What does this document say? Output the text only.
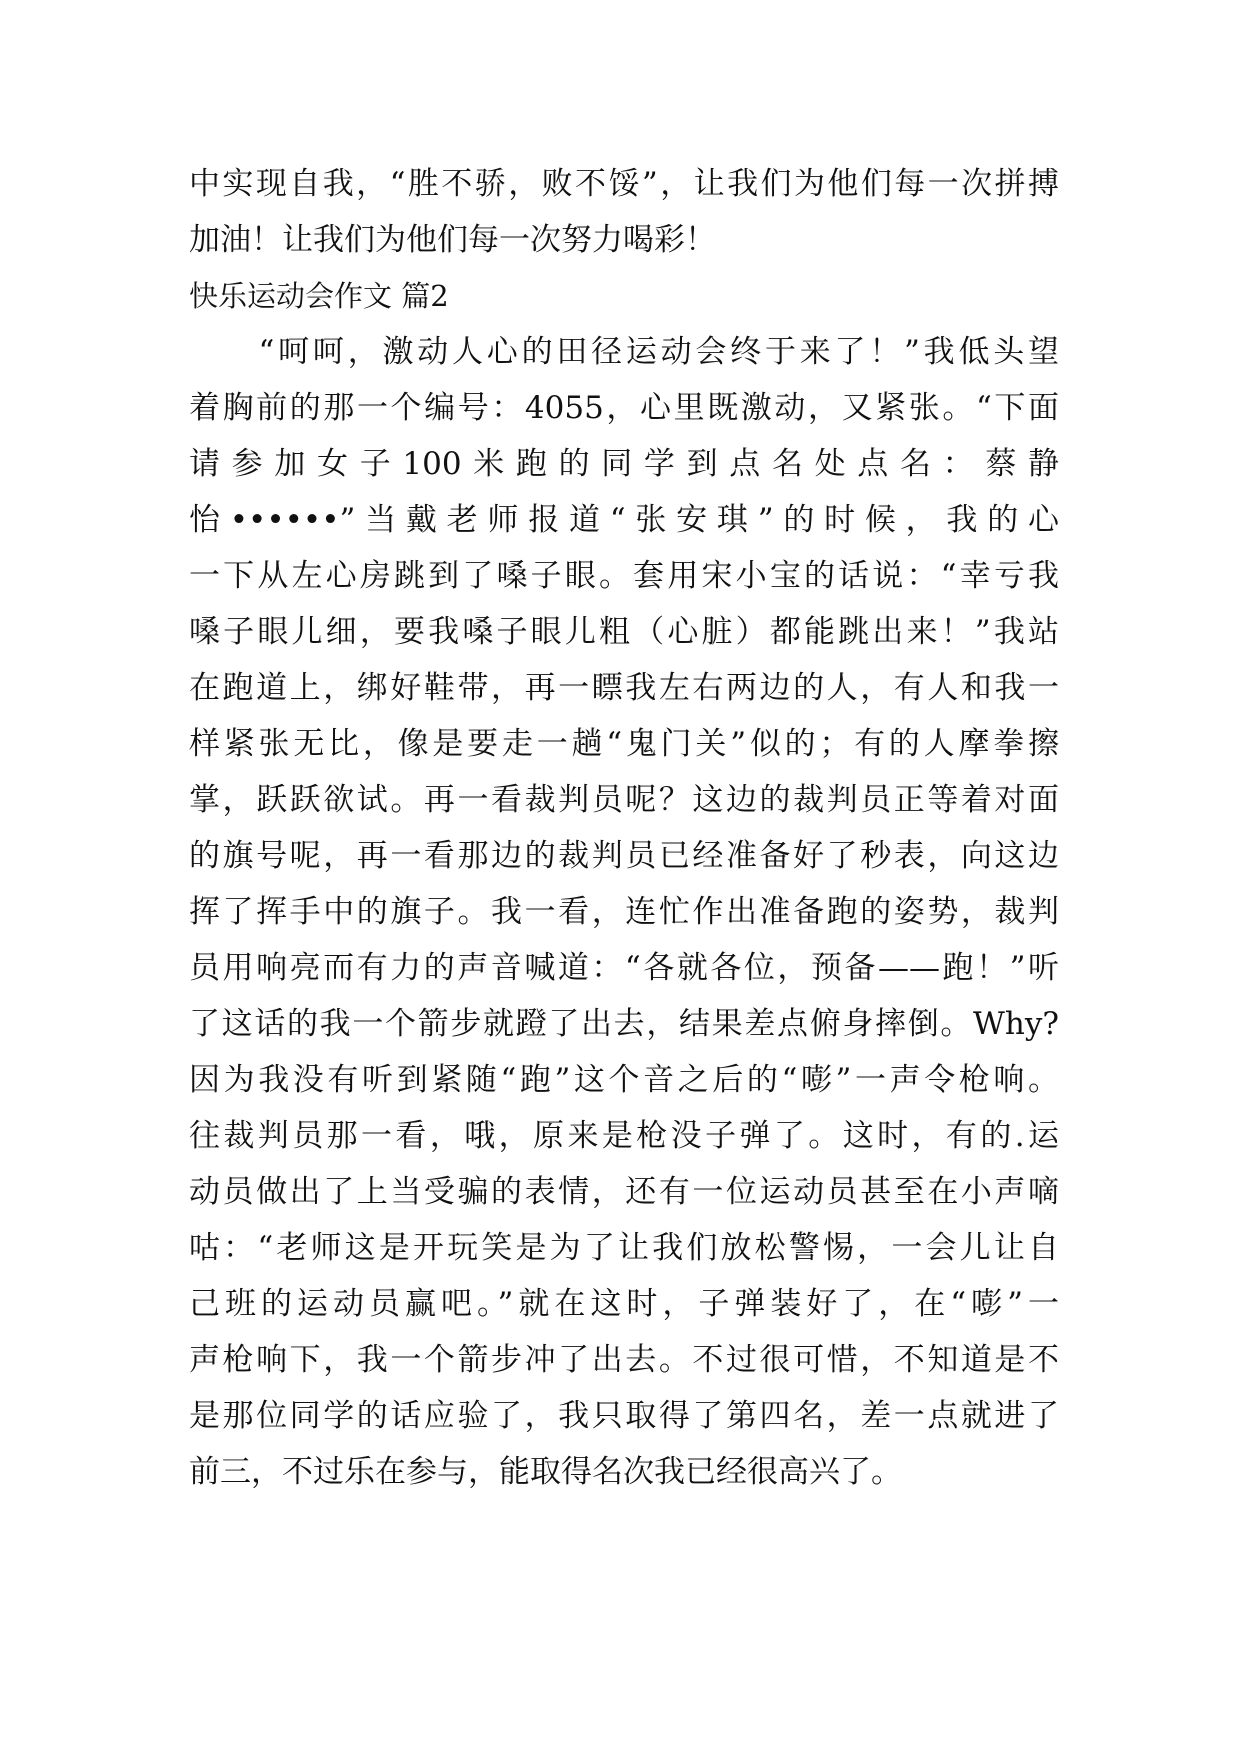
中实现自我，“胜不骄，败不馁”，让我们为他们每一次拼搏
加油！让我们为他们每一次努力喝彩！
快乐运动会作文 篇2
　　“呵呵，激动人心的田径运动会终于来了！”我低头望
着胸前的那一个编号：4055，心里既激动，又紧张。“下面
请参加女子100米跑的同学到点名处点名：蔡静
怡••••••”当戴老师报道“张安琪”的时候，我的心
一下从左心房跳到了嗓子眼。套用宋小宝的话说：“幸亏我
嗓子眼儿细，要我嗓子眼儿粗（心脏）都能跳出来！”我站
在跑道上，绑好鞋带，再一瞟我左右两边的人，有人和我一
样紧张无比，像是要走一趟“鬼门关”似的；有的人摩拳擦
掌，跃跃欲试。再一看裁判员呢？这边的裁判员正等着对面
的旗号呢，再一看那边的裁判员已经准备好了秒表，向这边
挥了挥手中的旗子。我一看，连忙作出准备跑的姿势，裁判
员用响亮而有力的声音喊道：“各就各位，预备——跑！”听
了这话的我一个箭步就蹬了出去，结果差点俯身摔倒。Why?
因为我没有听到紧随“跑”这个音之后的“嘭”一声令枪响。
往裁判员那一看，哦，原来是枪没子弹了。这时，有的.运
动员做出了上当受骗的表情，还有一位运动员甚至在小声嘀
咕：“老师这是开玩笑是为了让我们放松警惕，一会儿让自
己班的运动员赢吧。”就在这时，子弹装好了，在“嘭”一
声枪响下，我一个箭步冲了出去。不过很可惜，不知道是不
是那位同学的话应验了，我只取得了第四名，差一点就进了
前三，不过乐在参与，能取得名次我已经很高兴了。
